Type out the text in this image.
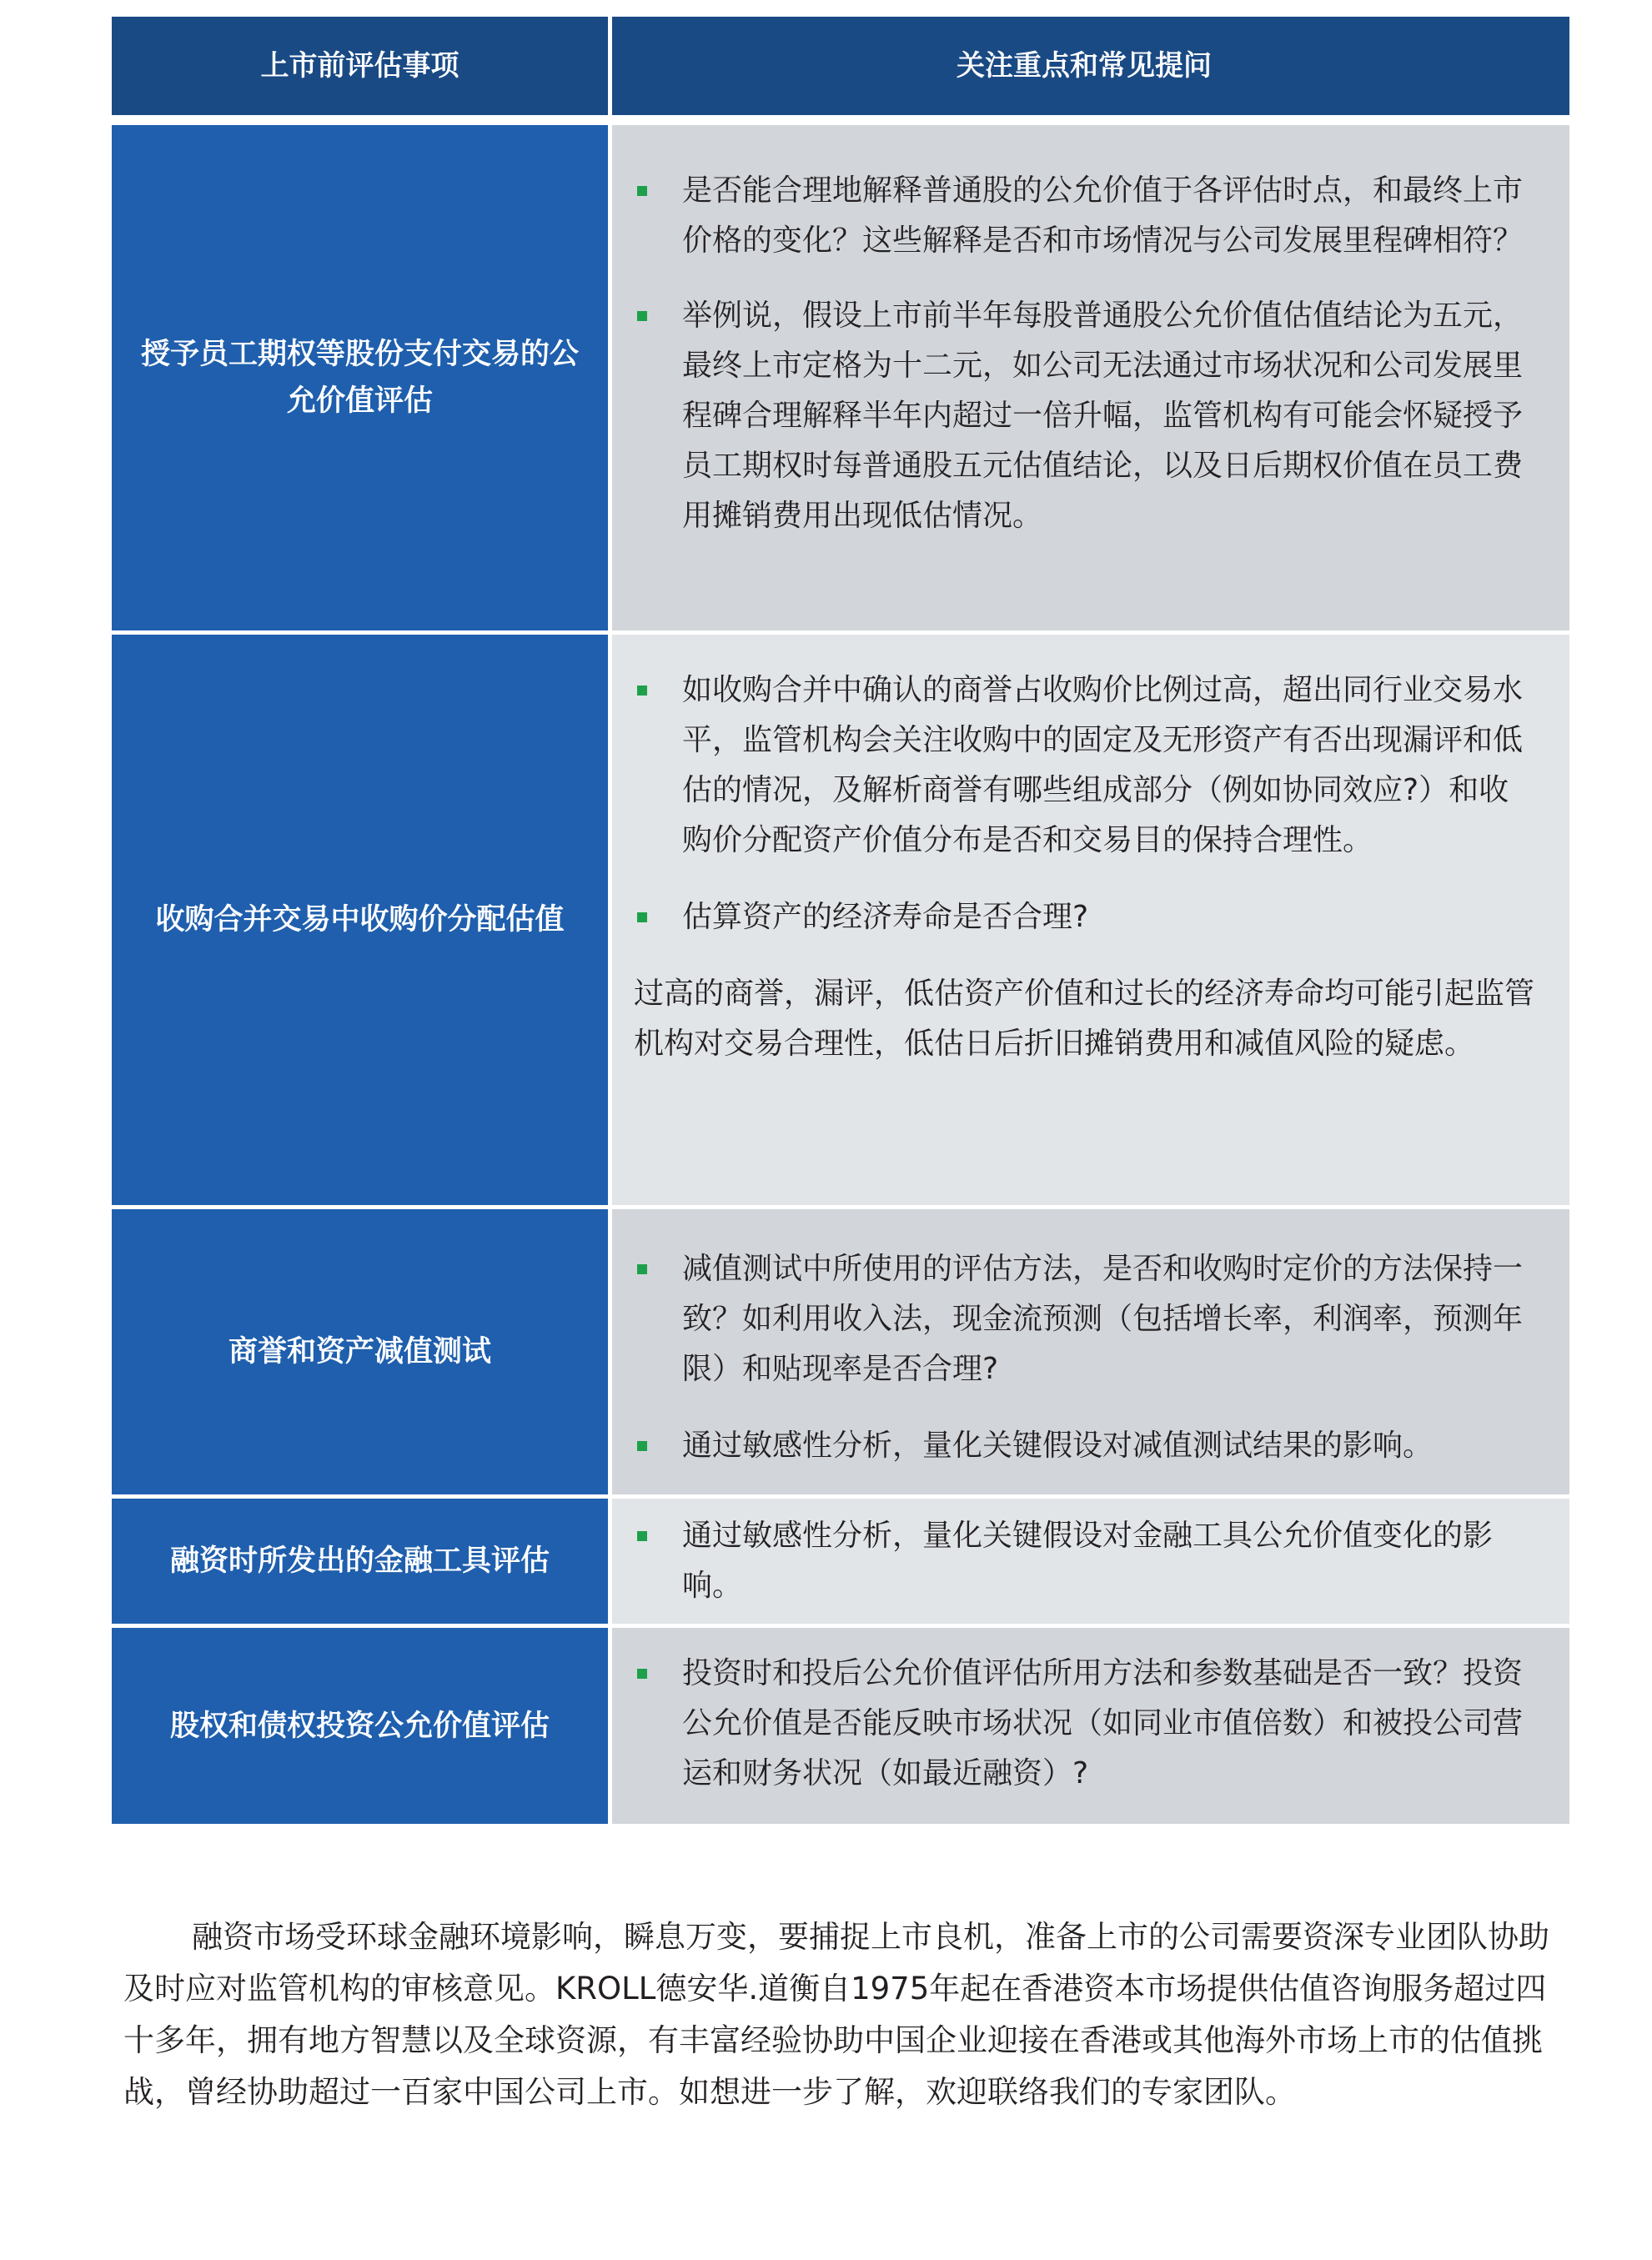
上市前评估事项	关注重点和常见提问
授予员工期权等股份支付交易的公允价值评估
是否能合理地解释普通股的公允价值于各评估时点，和最终上市价格的变化？这些解释是否和市场情况与公司发展里程碑相符？
举例说，假设上市前半年每股普通股公允价值估值结论为五元，最终上市定格为十二元，如公司无法通过市场状况和公司发展里程碑合理解释半年内超过一倍升幅，监管机构有可能会怀疑授予员工期权时每普通股五元估值结论，以及日后期权价值在员工费用摊销费用出现低估情况。
收购合并交易中收购价分配估值
如收购合并中确认的商誉占收购价比例过高，超出同行业交易水平，监管机构会关注收购中的固定及无形资产有否出现漏评和低估的情况，及解析商誉有哪些组成部分（例如协同效应?）和收购价分配资产价值分布是否和交易目的保持合理性。
估算资产的经济寿命是否合理?

过高的商誉，漏评，低估资产价值和过长的经济寿命均可能引起监管机构对交易合理性，低估日后折旧摊销费用和减值风险的疑虑。

商誉和资产减值测试
减值测试中所使用的评估方法，是否和收购时定价的方法保持一致？如利用收入法，现金流预测（包括增长率，利润率，预测年限）和贴现率是否合理?
通过敏感性分析，量化关键假设对减值测试结果的影响。
融资时所发出的金融工具评估
通过敏感性分析，量化关键假设对金融工具公允价值变化的影响。
股权和债权投资公允价值评估
投资时和投后公允价值评估所用方法和参数基础是否一致？投资公允价值是否能反映市场状况（如同业市值倍数）和被投公司营运和财务状况（如最近融资）?

融资市场受环球金融环境影响，瞬息万变，要捕捉上市良机，准备上市的公司需要资深专业团队协助及时应对监管机构的审核意见。KROLL德安华.道衡自1975年起在香港资本市场提供估值咨询服务超过四十多年，拥有地方智慧以及全球资源，有丰富经验协助中国企业迎接在香港或其他海外市场上市的估值挑战，曾经协助超过一百家中国公司上市。如想进一步了解，欢迎联络我们的专家团队。
